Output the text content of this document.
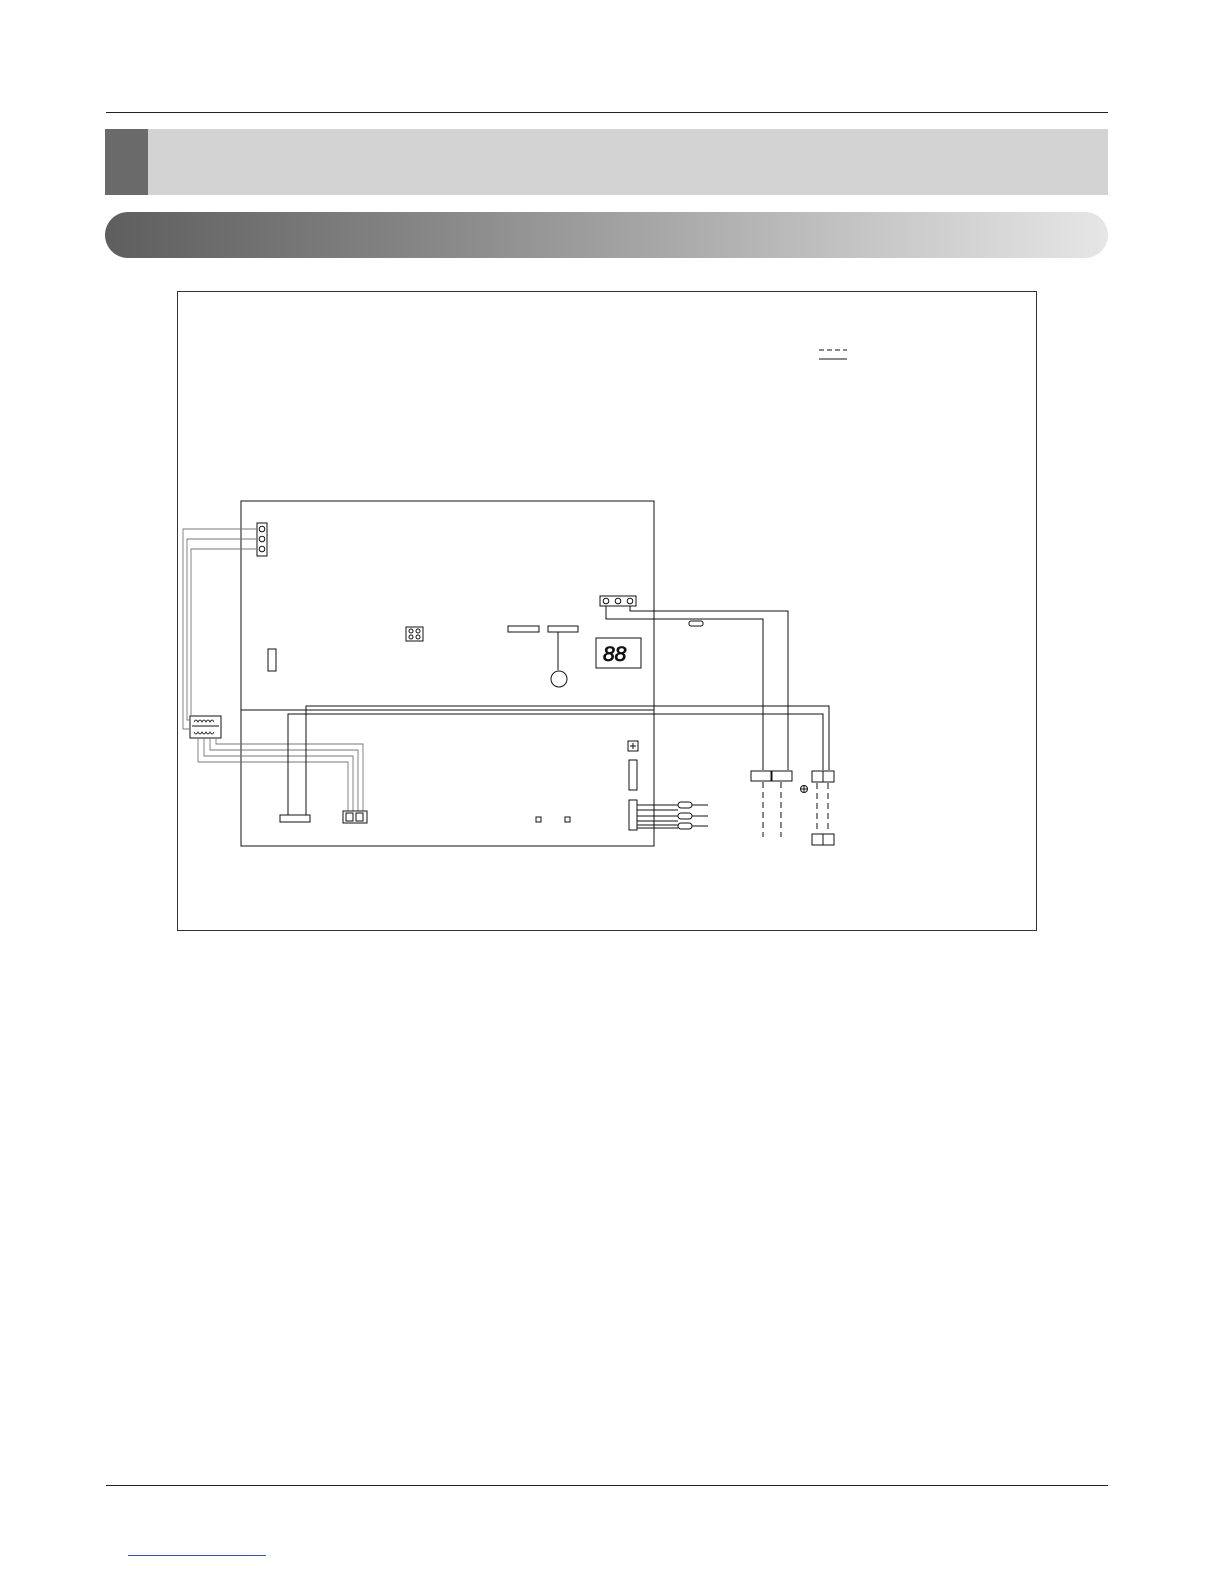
88
